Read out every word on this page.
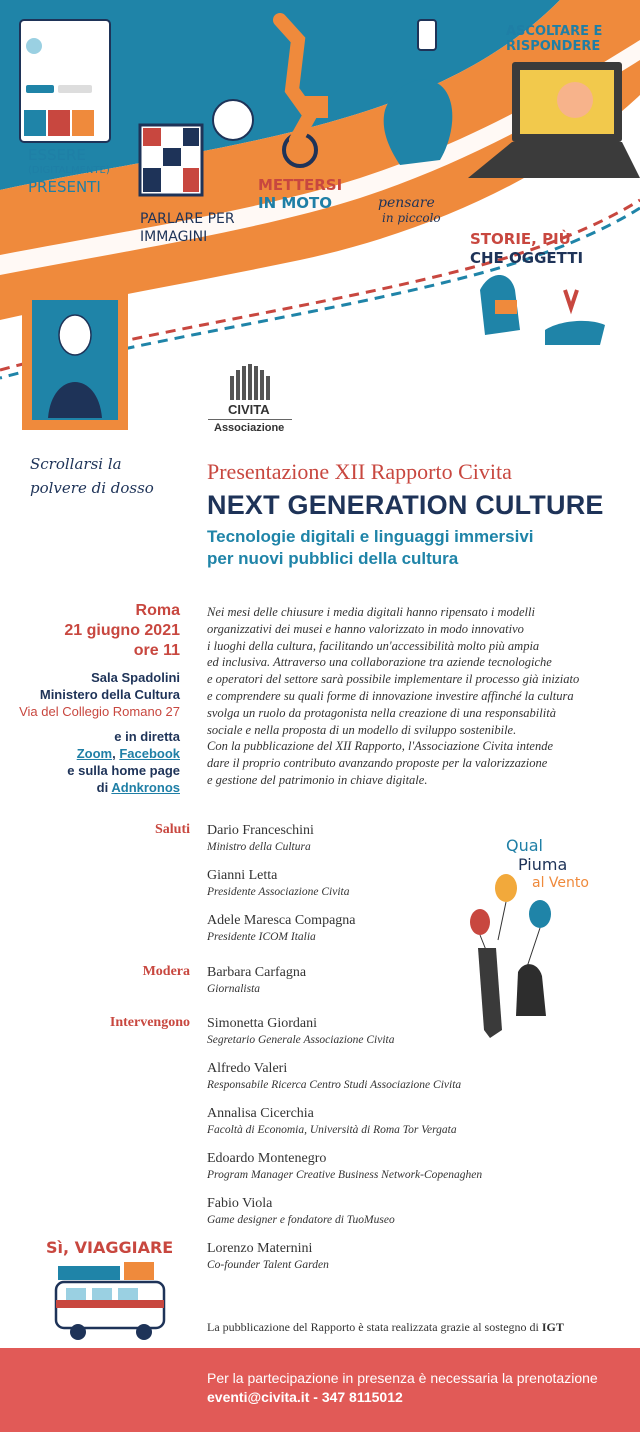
ESSERE
(DIGITALMENTE)
PRESENTI
PARLARE PER
IMMAGINI
METTERSI
IN MOTO	pensare
in piccolo
ASCOLTARE E
RISPONDERE
STORIE, PIÙ
CHE OGGETTI
Scrollarsi la
polvere di dosso
CIVITA
Associazione
Presentazione XII Rapporto Civita
NEXT GENERATION CULTURE
Tecnologie digitali e linguaggi immersivi
per nuovi pubblici della cultura
Roma
21 giugno 2021
ore 11
Sala Spadolini
Ministero della Cultura
Via del Collegio Romano 27
e in diretta
Zoom, Facebook
e sulla home page
di Adnkronos

Nei mesi delle chiusure i media digitali hanno ripensato i modelli

organizzativi dei musei e hanno valorizzato in modo innovativo

i luoghi della cultura, facilitando un'accessibilità molto più ampia

ed inclusiva. Attraverso una collaborazione tra aziende tecnologiche

e operatori del settore sarà possibile implementare il processo già iniziato

e comprendere su quali forme di innovazione investire affinché la cultura

svolga un ruolo da protagonista nella creazione di una responsabilità

sociale e nella proposta di un modello di sviluppo sostenibile.

Con la pubblicazione del XII Rapporto, l'Associazione Civita intende

dare il proprio contributo avanzando proposte per la valorizzazione

e gestione del patrimonio in chiave digitale.

Saluti Dario Franceschini
Ministro della Cultura
Gianni Letta
Presidente Associazione Civita
Adele Maresca Compagna
Presidente ICOM Italia
Modera Barbara Carfagna
Giornalista
Intervengono Simonetta Giordani
Segretario Generale Associazione Civita
Alfredo Valeri
Responsabile Ricerca Centro Studi Associazione Civita
Annalisa Cicerchia
Facoltà di Economia, Università di Roma Tor Vergata
Edoardo Montenegro
Program Manager Creative Business Network-Copenaghen
Fabio Viola
Game designer e fondatore di TuoMuseo
Lorenzo Maternini
Co-founder Talent Garden
Qual
Piuma
al Vento
Sì, VIAGGIARE
La pubblicazione del Rapporto è stata realizzata grazie al sostegno di IGT
Per la partecipazione in presenza è necessaria la prenotazione
eventi@civita.it - 347 8115012
